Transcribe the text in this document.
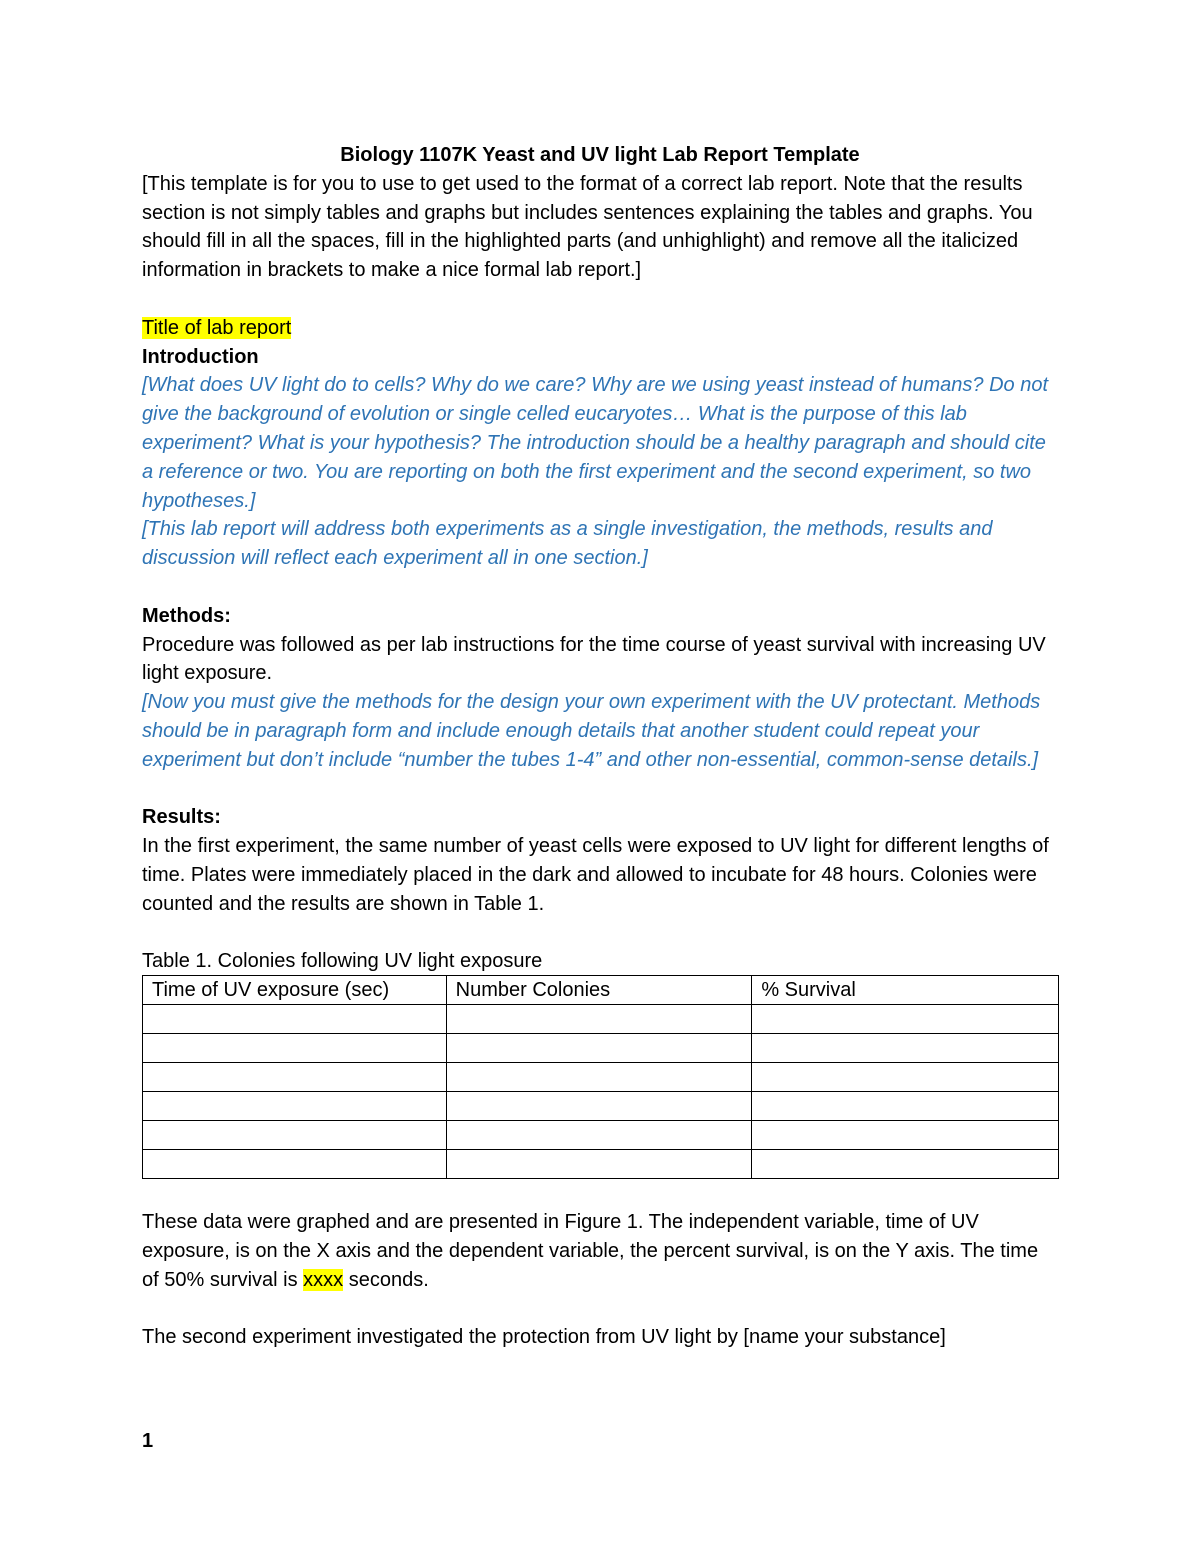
Biology 1107K Yeast and UV light Lab Report Template

[This template is for you to use to get used to the format of a correct lab report. Note that the results section is not simply tables and graphs but includes sentences explaining the tables and graphs. You should fill in all the spaces, fill in the highlighted parts (and unhighlight) and remove all the italicized information in brackets to make a nice formal lab report.]

Title of lab report

Introduction

[What does UV light do to cells? Why do we care? Why are we using yeast instead of humans? Do not give the background of evolution or single celled eucaryotes… What is the purpose of this lab experiment? What is your hypothesis? The introduction should be a healthy paragraph and should cite a reference or two. You are reporting on both the first experiment and the second experiment, so two hypotheses.]

[This lab report will address both experiments as a single investigation, the methods, results and discussion will reflect each experiment all in one section.]

Methods:

Procedure was followed as per lab instructions for the time course of yeast survival with increasing UV light exposure.

[Now you must give the methods for the design your own experiment with the UV protectant. Methods should be in paragraph form and include enough details that another student could repeat your experiment but don’t include “number the tubes 1-4” and other non-essential, common-sense details.]

Results:

In the first experiment, the same number of yeast cells were exposed to UV light for different lengths of time. Plates were immediately placed in the dark and allowed to incubate for 48 hours. Colonies were counted and the results are shown in Table 1.

Table 1. Colonies following UV light exposure

Time of UV exposure (sec)	Number Colonies	% Survival

These data were graphed and are presented in Figure 1. The independent variable, time of UV exposure, is on the X axis and the dependent variable, the percent survival, is on the Y axis. The time of 50% survival is xxxx seconds.

The second experiment investigated the protection from UV light by [name your substance]

1
